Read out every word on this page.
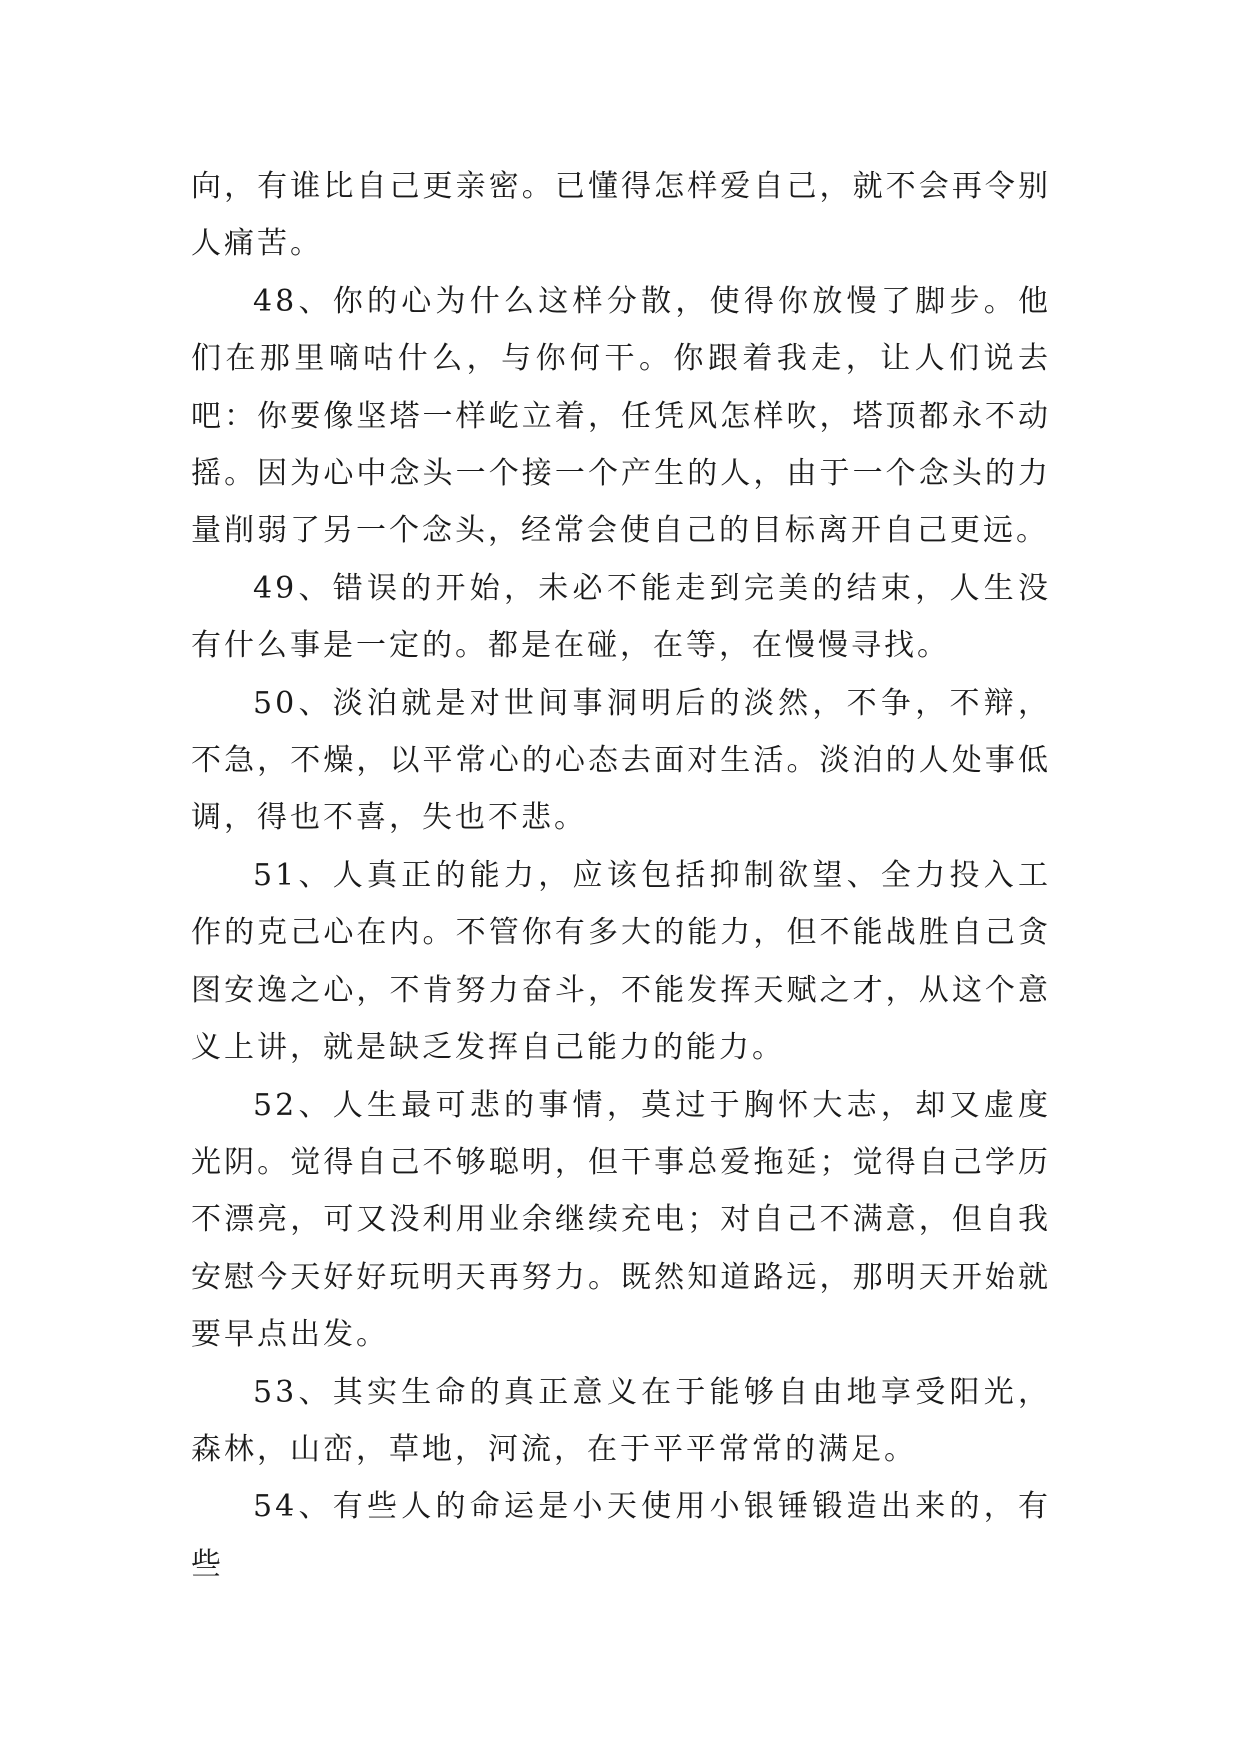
向，有谁比自己更亲密。已懂得怎样爱自己，就不会再令别人痛苦。

48、你的心为什么这样分散，使得你放慢了脚步。他们在那里嘀咕什么，与你何干。你跟着我走，让人们说去吧：你要像坚塔一样屹立着，任凭风怎样吹，塔顶都永不动摇。因为心中念头一个接一个产生的人，由于一个念头的力量削弱了另一个念头，经常会使自己的目标离开自己更远。

49、错误的开始，未必不能走到完美的结束，人生没有什么事是一定的。都是在碰，在等，在慢慢寻找。

50、淡泊就是对世间事洞明后的淡然，不争，不辩，不急，不燥，以平常心的心态去面对生活。淡泊的人处事低调，得也不喜，失也不悲。

51、人真正的能力，应该包括抑制欲望、全力投入工作的克己心在内。不管你有多大的能力，但不能战胜自己贪图安逸之心，不肯努力奋斗，不能发挥天赋之才，从这个意义上讲，就是缺乏发挥自己能力的能力。

52、人生最可悲的事情，莫过于胸怀大志，却又虚度光阴。觉得自己不够聪明，但干事总爱拖延；觉得自己学历不漂亮，可又没利用业余继续充电；对自己不满意，但自我安慰今天好好玩明天再努力。既然知道路远，那明天开始就要早点出发。

53、其实生命的真正意义在于能够自由地享受阳光，森林，山峦，草地，河流，在于平平常常的满足。

54、有些人的命运是小天使用小银锤锻造出来的，有些
